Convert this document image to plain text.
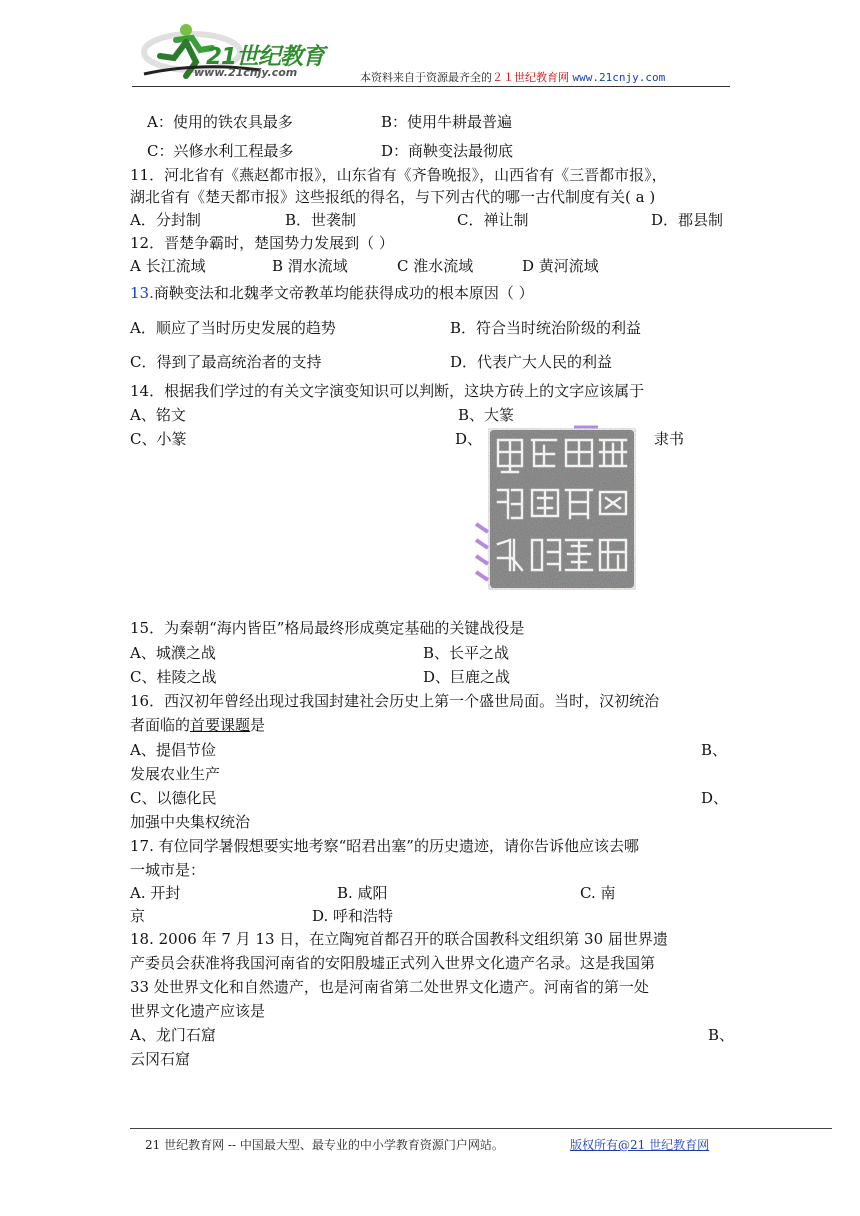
21世纪教育
www.21cnjy.com	本资料来自于资源最齐全的２１世纪教育网 www.21cnjy.com
A：使用的铁农具最多	B：使用牛耕最普遍
C：兴修水利工程最多	D：商鞅变法最彻底
11．河北省有《燕赵都市报》，山东省有《齐鲁晚报》，山西省有《三晋都市报》，
湖北省有《楚天都市报》这些报纸的得名，与下列古代的哪一古代制度有关( a )
A．分封制	B．世袭制	C．禅让制	D．郡县制
12．晋楚争霸时，楚国势力发展到（ ）
A 长江流域	B 渭水流域	C 淮水流域	D 黄河流域
13.商鞅变法和北魏孝文帝教革均能获得成功的根本原因（ ）
A．顺应了当时历史发展的趋势	B．符合当时统治阶级的利益
C．得到了最高统治者的支持	D．代表广大人民的利益
14．根据我们学过的有关文字演变知识可以判断，这块方砖上的文字应该属于
A、铭文	B、大篆
C、小篆	D、	隶书
15．为秦朝“海内皆臣”格局最终形成奠定基础的关键战役是
A、城濮之战	B、长平之战
C、桂陵之战	D、巨鹿之战
16．西汉初年曾经出现过我国封建社会历史上第一个盛世局面。当时，汉初统治
者面临的首要课题是
A、提倡节俭	B、
发展农业生产
C、以德化民	D、
加强中央集权统治
17. 有位同学暑假想要实地考察“昭君出塞”的历史遗迹，请你告诉他应该去哪
一城市是：
A. 开封	B. 咸阳	C. 南
京	D. 呼和浩特
18. 2006 年 7 月 13 日，在立陶宛首都召开的联合国教科文组织第 30 届世界遗
产委员会获准将我国河南省的安阳殷墟正式列入世界文化遗产名录。这是我国第
33 处世界文化和自然遗产，也是河南省第二处世界文化遗产。河南省的第一处
世界文化遗产应该是
A、龙门石窟	B、
云冈石窟
21 世纪教育网 -- 中国最大型、最专业的中小学教育资源门户网站。	版权所有@21 世纪教育网
